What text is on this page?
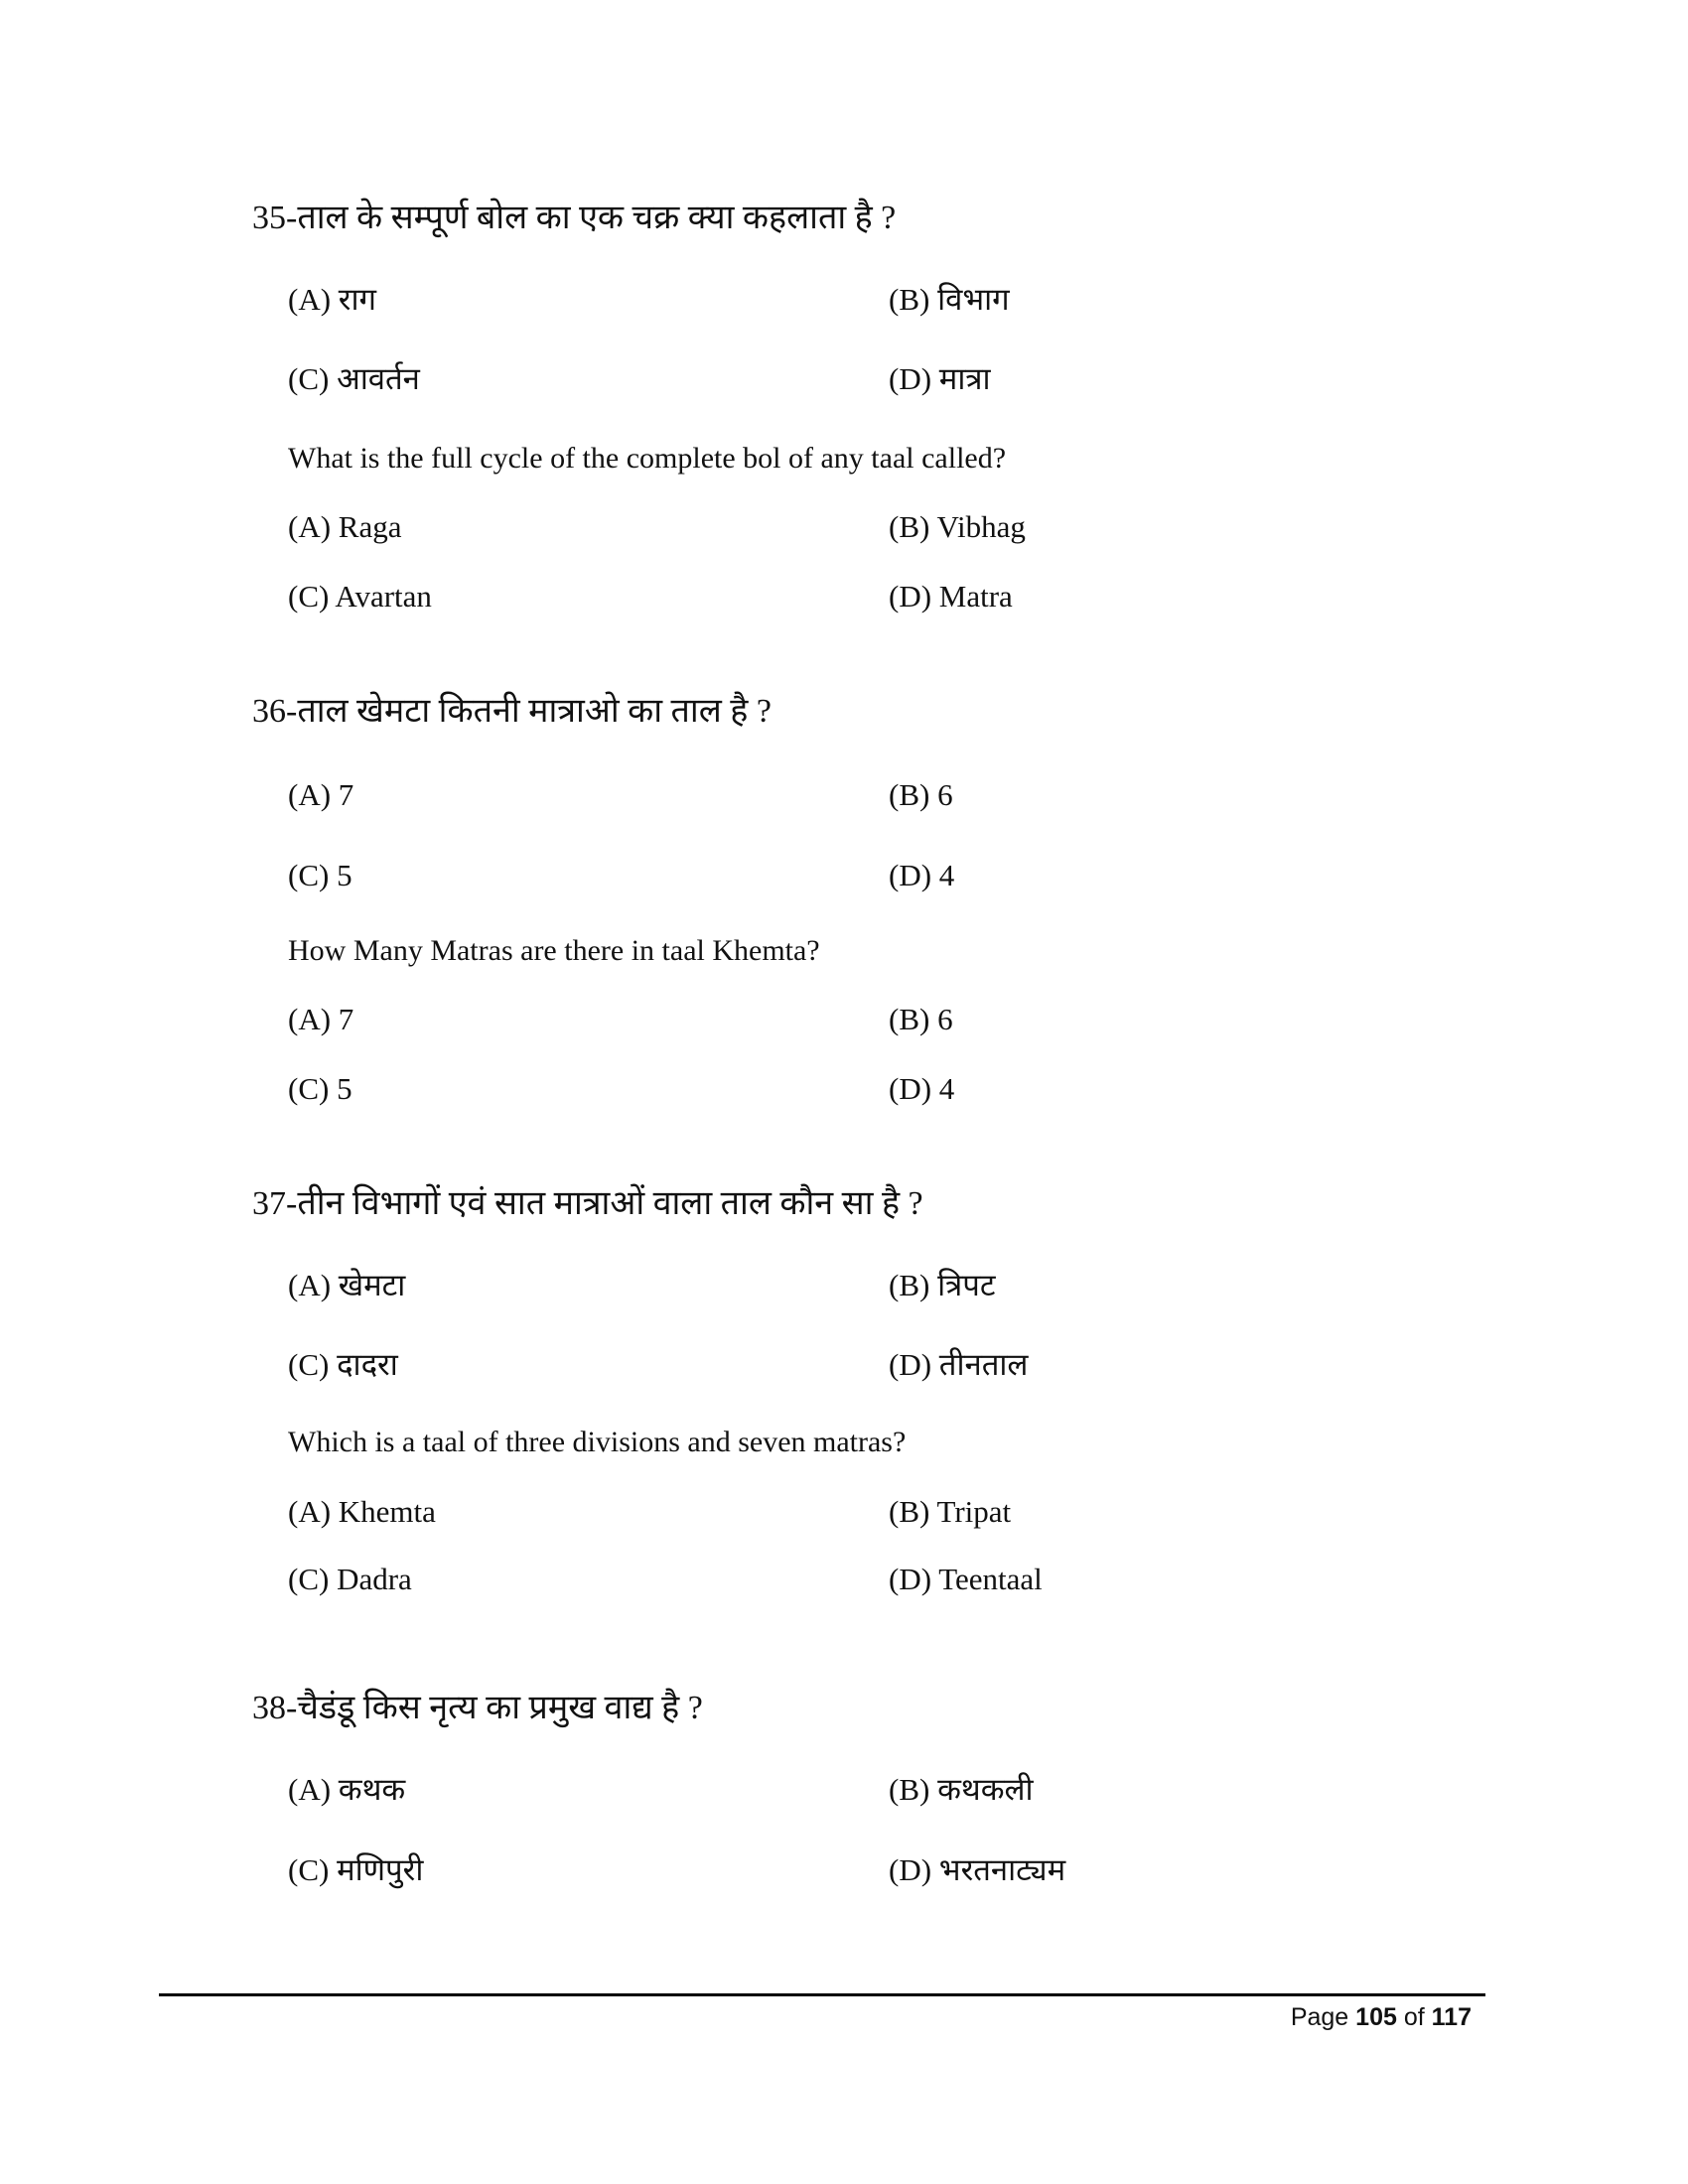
35-ताल के सम्पूर्ण बोल का एक चक्र क्या कहलाता है ?
(A) राग	(B) विभाग
(C) आवर्तन	(D) मात्रा
What is the full cycle of the complete bol of any taal called?
(A) Raga	(B) Vibhag
(C) Avartan	(D) Matra
36-ताल खेमटा कितनी मात्राओ का ताल है ?
(A) 7	(B) 6
(C) 5	(D) 4
How Many Matras are there in taal Khemta?
(A) 7	(B) 6
(C) 5	(D) 4
37-तीन विभागों एवं सात मात्राओं वाला ताल कौन सा है ?
(A) खेमटा	(B) त्रिपट
(C) दादरा	(D) तीनताल
Which is a taal of three divisions and seven matras?
(A) Khemta	(B) Tripat
(C) Dadra	(D) Teentaal
38-चैडंडू किस नृत्य का प्रमुख वाद्य है ?
(A) कथक	(B) कथकली
(C) मणिपुरी	(D) भरतनाट्यम
Page 105 of 117
